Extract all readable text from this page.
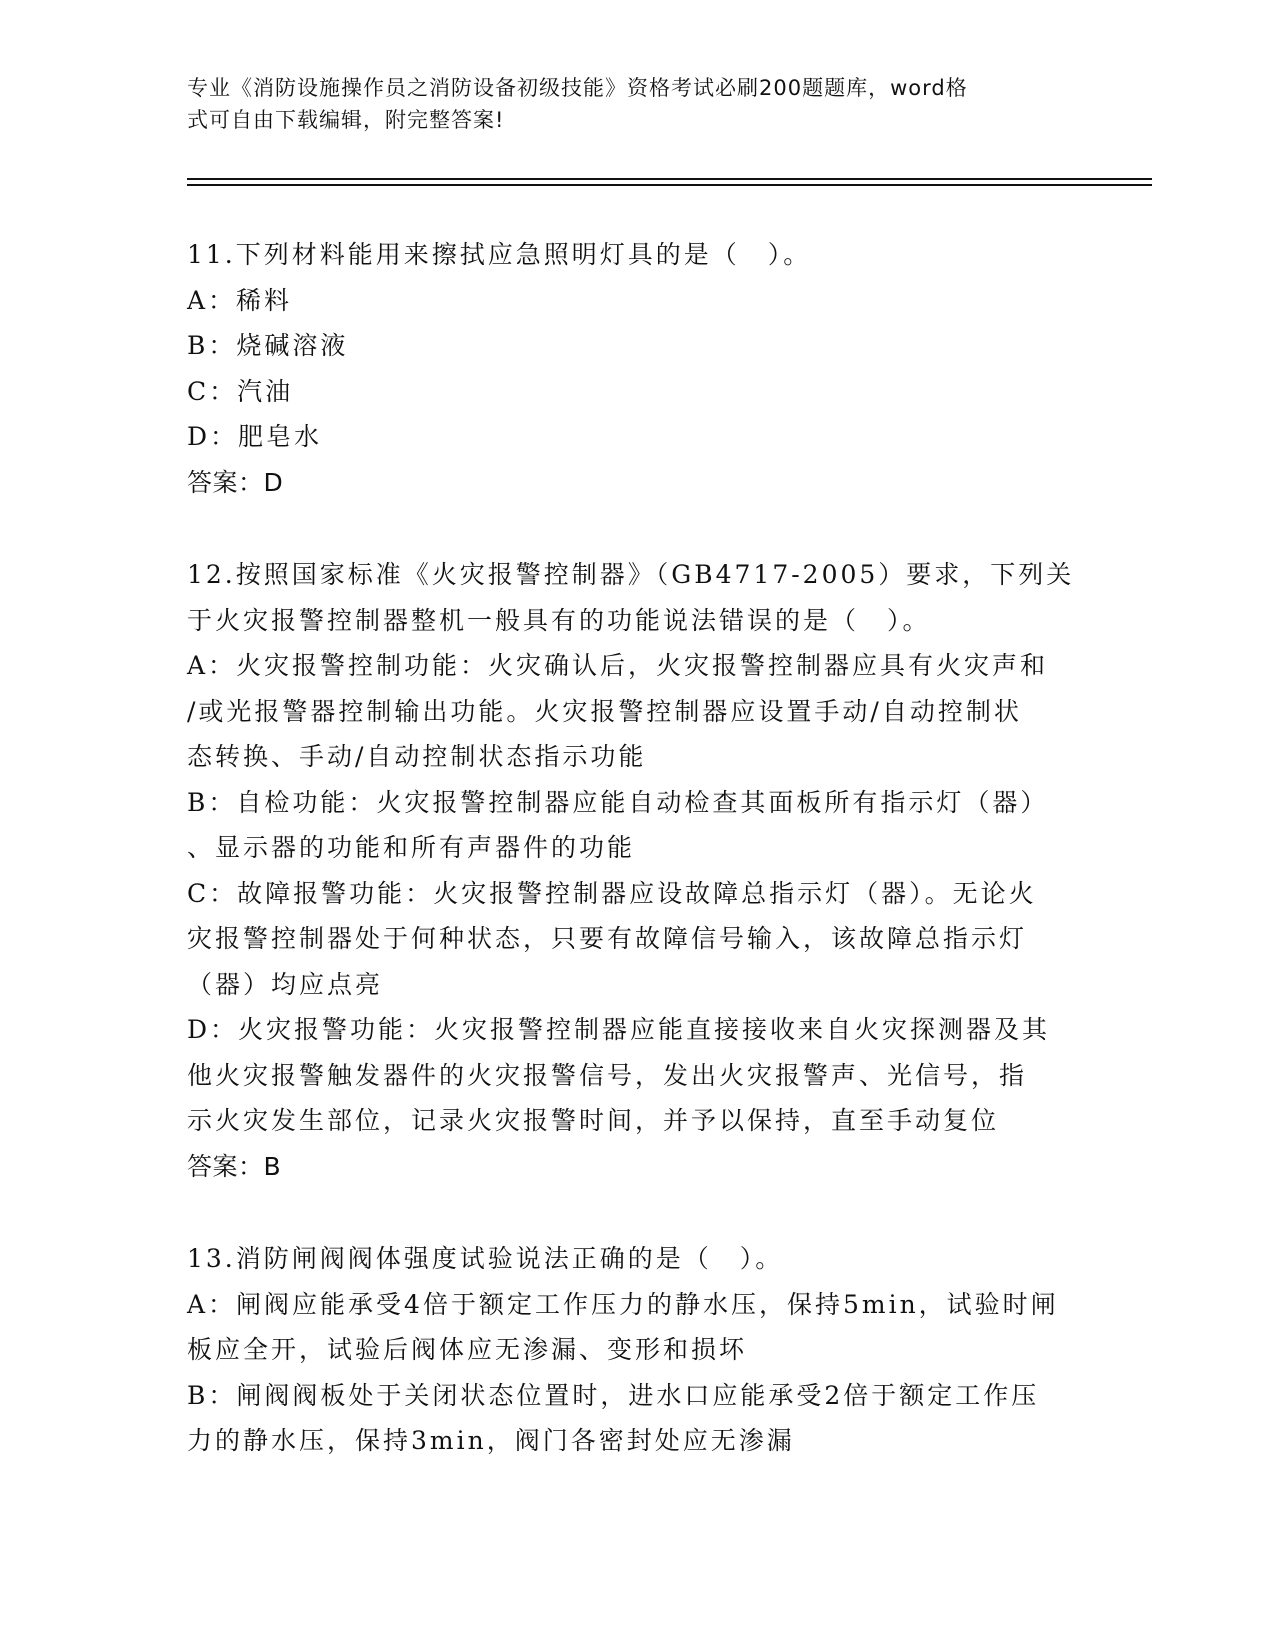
专业《消防设施操作员之消防设备初级技能》资格考试必刷200题题库，word格
式可自由下载编辑，附完整答案!
11.下列材料能用来擦拭应急照明灯具的是（　）。
A：稀料
B：烧碱溶液
C：汽油
D：肥皂水
答案：D
12.按照国家标准《火灾报警控制器》（GB4717-2005）要求，下列关
于火灾报警控制器整机一般具有的功能说法错误的是（　）。
A：火灾报警控制功能：火灾确认后，火灾报警控制器应具有火灾声和
/或光报警器控制输出功能。火灾报警控制器应设置手动/自动控制状
态转换、手动/自动控制状态指示功能
B：自检功能：火灾报警控制器应能自动检查其面板所有指示灯（器）
、显示器的功能和所有声器件的功能
C：故障报警功能：火灾报警控制器应设故障总指示灯（器）。无论火
灾报警控制器处于何种状态，只要有故障信号输入，该故障总指示灯
（器）均应点亮
D：火灾报警功能：火灾报警控制器应能直接接收来自火灾探测器及其
他火灾报警触发器件的火灾报警信号，发出火灾报警声、光信号，指
示火灾发生部位，记录火灾报警时间，并予以保持，直至手动复位
答案：B
13.消防闸阀阀体强度试验说法正确的是（　）。
A：闸阀应能承受4倍于额定工作压力的静水压，保持5min，试验时闸
板应全开，试验后阀体应无渗漏、变形和损坏
B：闸阀阀板处于关闭状态位置时，进水口应能承受2倍于额定工作压
力的静水压，保持3min，阀门各密封处应无渗漏
